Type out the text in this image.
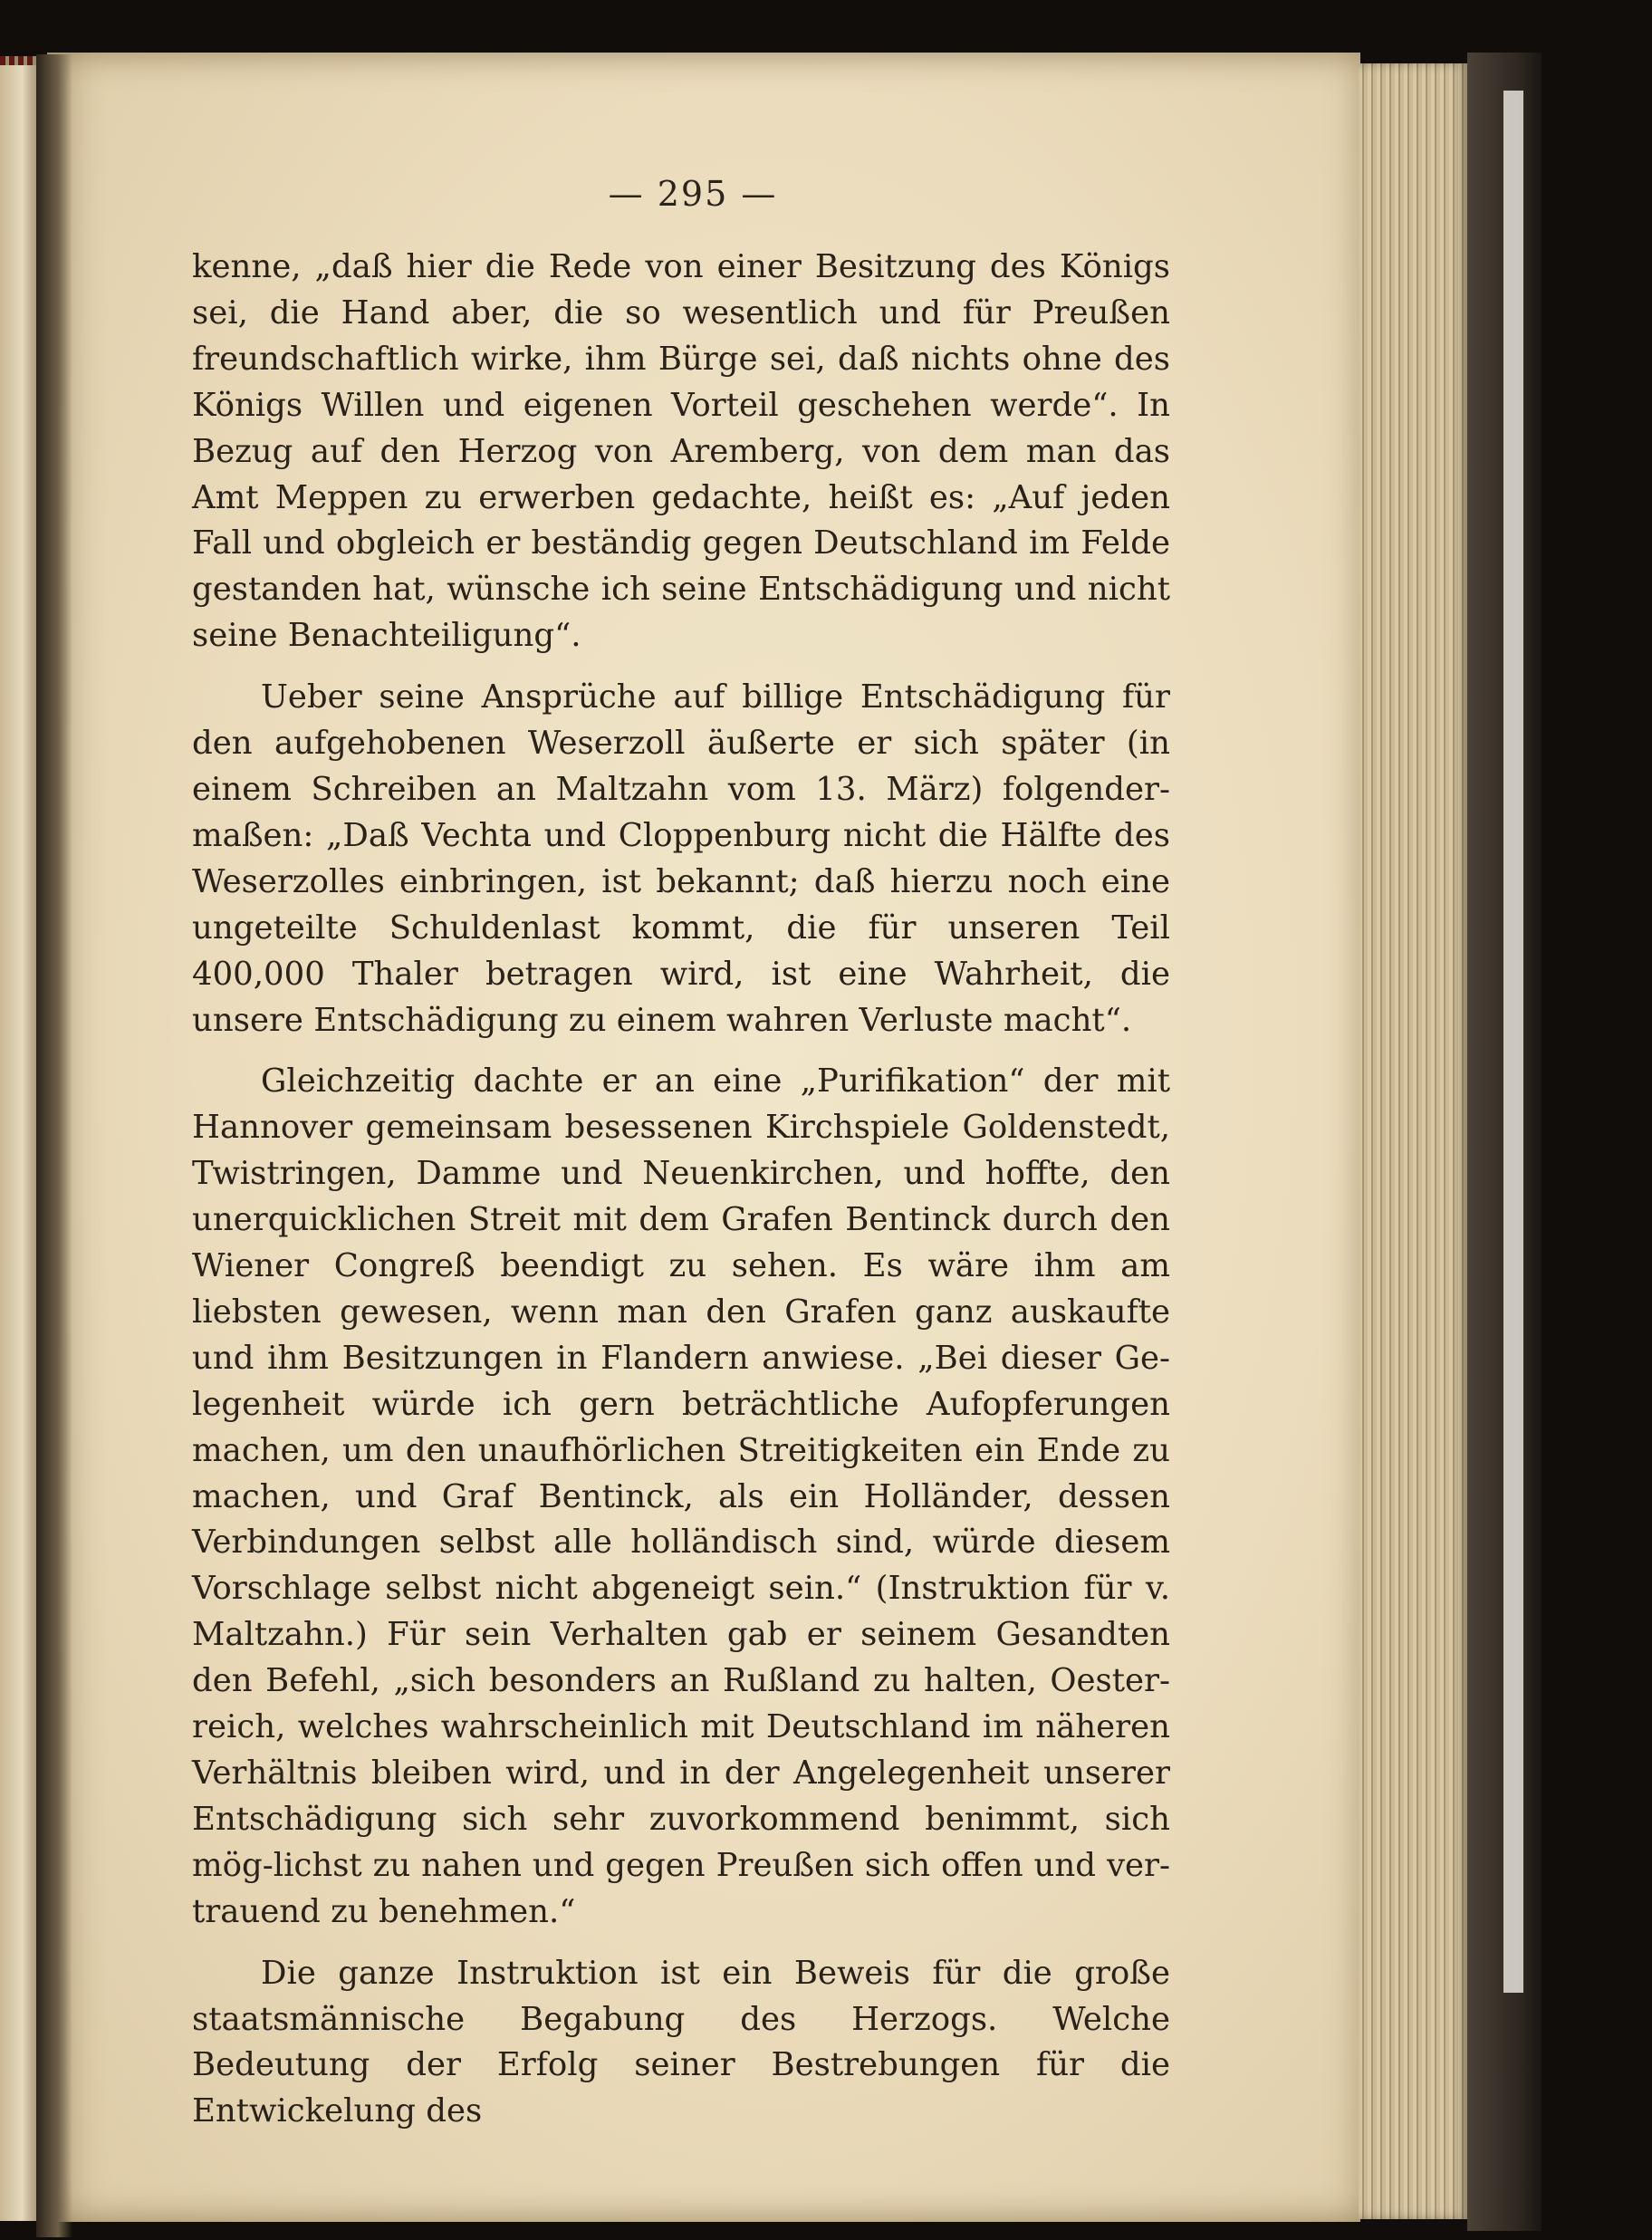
— 295 —

kenne, „daß hier die Rede von einer Besitzung des Königs sei, die Hand aber, die so wesentlich und für Preußen freundschaftlich wirke, ihm Bürge sei, daß nichts ohne des Königs Willen und eigenen Vorteil geschehen werde“. In Bezug auf den Herzog von Aremberg, von dem man das Amt Meppen zu erwerben gedachte, heißt es: „Auf jeden Fall und obgleich er beständig gegen Deutschland im Felde gestanden hat, wünsche ich seine Entschädigung und nicht seine Benachteiligung“.

Ueber seine Ansprüche auf billige Entschädigung für den aufgehobenen Weserzoll äußerte er sich später (in einem Schreiben an Maltzahn vom 13. März) folgender-maßen: „Daß Vechta und Cloppenburg nicht die Hälfte des Weserzolles einbringen, ist bekannt; daß hierzu noch eine ungeteilte Schuldenlast kommt, die für unseren Teil 400,000 Thaler betragen wird, ist eine Wahrheit, die unsere Entschädigung zu einem wahren Verluste macht“.

Gleichzeitig dachte er an eine „Purifikation“ der mit Hannover gemeinsam besessenen Kirchspiele Goldenstedt, Twistringen, Damme und Neuenkirchen, und hoffte, den unerquicklichen Streit mit dem Grafen Bentinck durch den Wiener Congreß beendigt zu sehen. Es wäre ihm am liebsten gewesen, wenn man den Grafen ganz auskaufte und ihm Besitzungen in Flandern anwiese. „Bei dieser Ge-legenheit würde ich gern beträchtliche Aufopferungen machen, um den unaufhörlichen Streitigkeiten ein Ende zu machen, und Graf Bentinck, als ein Holländer, dessen Verbindungen selbst alle holländisch sind, würde diesem Vorschlage selbst nicht abgeneigt sein.“ (Instruktion für v. Maltzahn.) Für sein Verhalten gab er seinem Gesandten den Befehl, „sich besonders an Rußland zu halten, Oester-reich, welches wahrscheinlich mit Deutschland im näheren Verhältnis bleiben wird, und in der Angelegenheit unserer Entschädigung sich sehr zuvorkommend benimmt, sich mög-lichst zu nahen und gegen Preußen sich offen und ver-trauend zu benehmen.“

Die ganze Instruktion ist ein Beweis für die große staatsmännische Begabung des Herzogs. Welche Bedeutung der Erfolg seiner Bestrebungen für die Entwickelung des
